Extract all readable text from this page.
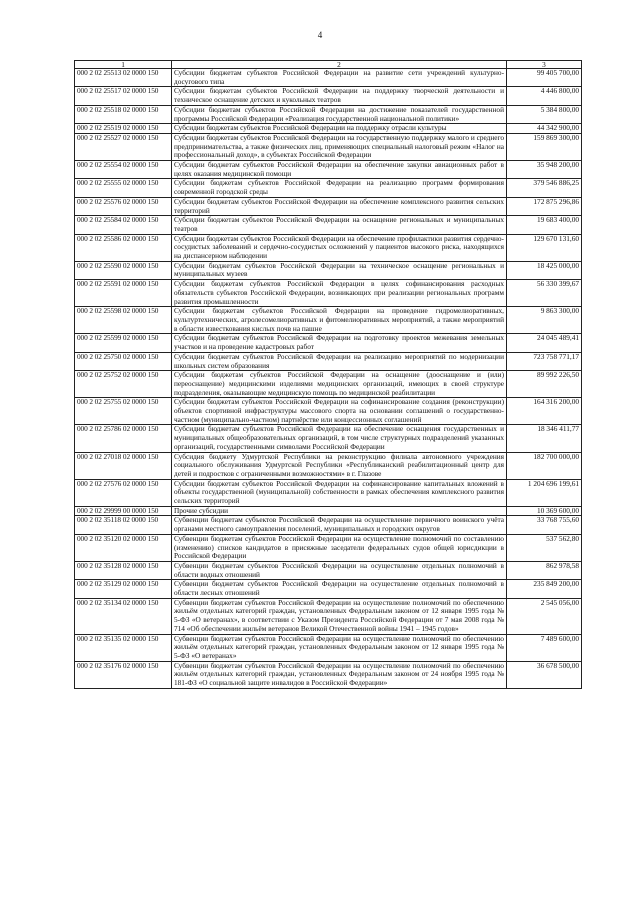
4
1	2	3
000 2 02 25513 02 0000 150	Субсидии бюджетам субъектов Российской Федерации на развитие сети учреждений культурно-досугового типа	99 405 700,00
000 2 02 25517 02 0000 150	Субсидии бюджетам субъектов Российской Федерации на поддержку творческой деятельности и техническое оснащение детских и кукольных театров	4 446 800,00
000 2 02 25518 02 0000 150	Субсидии бюджетам субъектов Российской Федерации на достижение показателей государственной программы Российской Федерации «Реализация государственной национальной политики»	5 384 800,00
000 2 02 25519 02 0000 150	Субсидии бюджетам субъектов Российской Федерации на поддержку отрасли культуры	44 342 900,00
000 2 02 25527 02 0000 150	Субсидии бюджетам субъектов Российской Федерации на государственную поддержку малого и среднего предпринимательства, а также физических лиц, применяющих специальный налоговый режим «Налог на профессиональный доход», в субъектах Российской Федерации	159 869 300,00
000 2 02 25554 02 0000 150	Субсидии бюджетам субъектов Российской Федерации на обеспечение закупки авиационных работ в целях оказания медицинской помощи	35 948 200,00
000 2 02 25555 02 0000 150	Субсидии бюджетам субъектов Российской Федерации на реализацию программ формирования современной городской среды	379 546 886,25
000 2 02 25576 02 0000 150	Субсидии бюджетам субъектов Российской Федерации на обеспечение комплексного развития сельских территорий	172 875 296,86
000 2 02 25584 02 0000 150	Субсидии бюджетам субъектов Российской Федерации на оснащение региональных и муниципальных театров	19 683 400,00
000 2 02 25586 02 0000 150	Субсидии бюджетам субъектов Российской Федерации на обеспечение профилактики развития сердечно-сосудистых заболеваний и сердечно-сосудистых осложнений у пациентов высокого риска, находящихся на диспансерном наблюдении	129 670 131,60
000 2 02 25590 02 0000 150	Субсидии бюджетам субъектов Российской Федерации на техническое оснащение региональных и муниципальных музеев	18 425 000,00
000 2 02 25591 02 0000 150	Субсидии бюджетам субъектов Российской Федерации в целях софинансирования расходных обязательств субъектов Российской Федерации, возникающих при реализации региональных программ развития промышленности	56 330 399,67
000 2 02 25598 02 0000 150	Субсидии бюджетам субъектов Российской Федерации на проведение гидромелиоративных, культуртехнических, агролесомелиоративных и фитомелиоративных мероприятий, а также мероприятий в области известкования кислых почв на пашне	9 863 300,00
000 2 02 25599 02 0000 150	Субсидии бюджетам субъектов Российской Федерации на подготовку проектов межевания земельных участков и на проведение кадастровых работ	24 045 489,41
000 2 02 25750 02 0000 150	Субсидии бюджетам субъектов Российской Федерации на реализацию мероприятий по модернизации школьных систем образования	723 758 771,17
000 2 02 25752 02 0000 150	Субсидии бюджетам субъектов Российской Федерации на оснащение (дооснащение и (или) переоснащение) медицинскими изделиями медицинских организаций, имеющих в своей структуре подразделения, оказывающие медицинскую помощь по медицинской реабилитации	89 992 226,50
000 2 02 25755 02 0000 150	Субсидии бюджетам субъектов Российской Федерации на софинансирование создания (реконструкции) объектов спортивной инфраструктуры массового спорта на основании соглашений о государственно-частном (муниципально-частном) партнёрстве или концессионных соглашений	164 316 200,00
000 2 02 25786 02 0000 150	Субсидии бюджетам субъектов Российской Федерации на обеспечение оснащения государственных и муниципальных общеобразовательных организаций, в том числе структурных подразделений указанных организаций, государственными символами Российской Федерации	18 346 411,77
000 2 02 27018 02 0000 150	Субсидия бюджету Удмуртской Республики на реконструкцию филиала автономного учреждения социального обслуживания Удмуртской Республики «Республиканский реабилитационный центр для детей и подростков с ограниченными возможностями» в г. Глазове	182 700 000,00
000 2 02 27576 02 0000 150	Субсидии бюджетам субъектов Российской Федерации на софинансирование капитальных вложений в объекты государственной (муниципальной) собственности в рамках обеспечения комплексного развития сельских территорий	1 204 696 199,61
000 2 02 29999 00 0000 150	Прочие субсидии	10 369 600,00
000 2 02 35118 02 0000 150	Субвенции бюджетам субъектов Российской Федерации на осуществление первичного воинского учёта органами местного самоуправления поселений, муниципальных и городских округов	33 768 755,60
000 2 02 35120 02 0000 150	Субвенции бюджетам субъектов Российской Федерации на осуществление полномочий по составлению (изменению) списков кандидатов в присяжные заседатели федеральных судов общей юрисдикции в Российской Федерации	537 562,80
000 2 02 35128 02 0000 150	Субвенции бюджетам субъектов Российской Федерации на осуществление отдельных полномочий в области водных отношений	862 978,58
000 2 02 35129 02 0000 150	Субвенции бюджетам субъектов Российской Федерации на осуществление отдельных полномочий в области лесных отношений	235 849 200,00
000 2 02 35134 02 0000 150	Субвенции бюджетам субъектов Российской Федерации на осуществление полномочий по обеспечению жильём отдельных категорий граждан, установленных Федеральным законом от 12 января 1995 года № 5-ФЗ «О ветеранах», в соответствии с Указом Президента Российской Федерации от 7 мая 2008 года № 714 «Об обеспечении жильём ветеранов Великой Отечественной войны 1941 – 1945 годов»	2 545 056,00
000 2 02 35135 02 0000 150	Субвенции бюджетам субъектов Российской Федерации на осуществление полномочий по обеспечению жильём отдельных категорий граждан, установленных Федеральным законом от 12 января 1995 года № 5-ФЗ «О ветеранах»	7 489 600,00
000 2 02 35176 02 0000 150	Субвенции бюджетам субъектов Российской Федерации на осуществление полномочий по обеспечению жильём отдельных категорий граждан, установленных Федеральным законом от 24 ноября 1995 года № 181-ФЗ «О социальной защите инвалидов в Российской Федерации»	36 678 500,00
